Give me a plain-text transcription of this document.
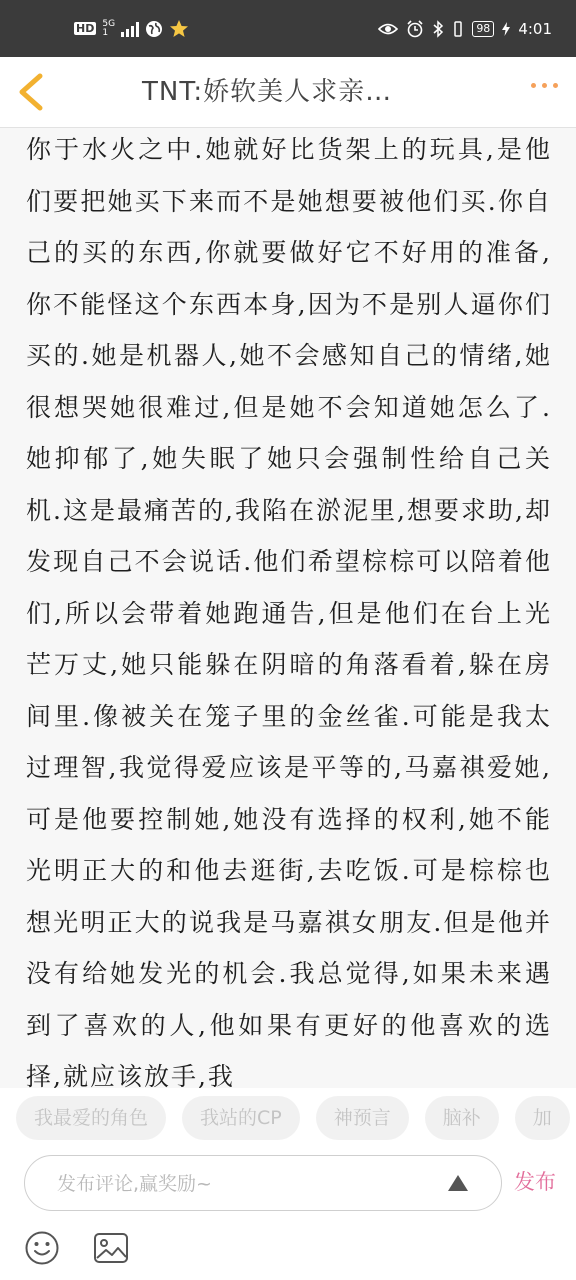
HD 5G
1	98 4:01
TNT:娇软美人求亲…

你于水火之中.她就好比货架上的玩具,是他们要把她买下来而不是她想要被他们买.你自己的买的东西,你就要做好它不好用的准备,你不能怪这个东西本身,因为不是别人逼你们买的.她是机器人,她不会感知自己的情绪,她很想哭她很难过,但是她不会知道她怎么了.她抑郁了,她失眠了她只会强制性给自己关机.这是最痛苦的,我陷在淤泥里,想要求助,却发现自己不会说话.他们希望棕棕可以陪着他们,所以会带着她跑通告,但是他们在台上光芒万丈,她只能躲在阴暗的角落看着,躲在房间里.像被关在笼子里的金丝雀.可能是我太过理智,我觉得爱应该是平等的,马嘉祺爱她,可是他要控制她,她没有选择的权利,她不能光明正大的和他去逛街,去吃饭.可是棕棕也想光明正大的说我是马嘉祺女朋友.但是他并没有给她发光的机会.我总觉得,如果未来遇到了喜欢的人,他如果有更好的他喜欢的选择,就应该放手,我

我最爱的角色	我站的CP	神预言	脑补	加
发布评论,赢奖励~
发布
